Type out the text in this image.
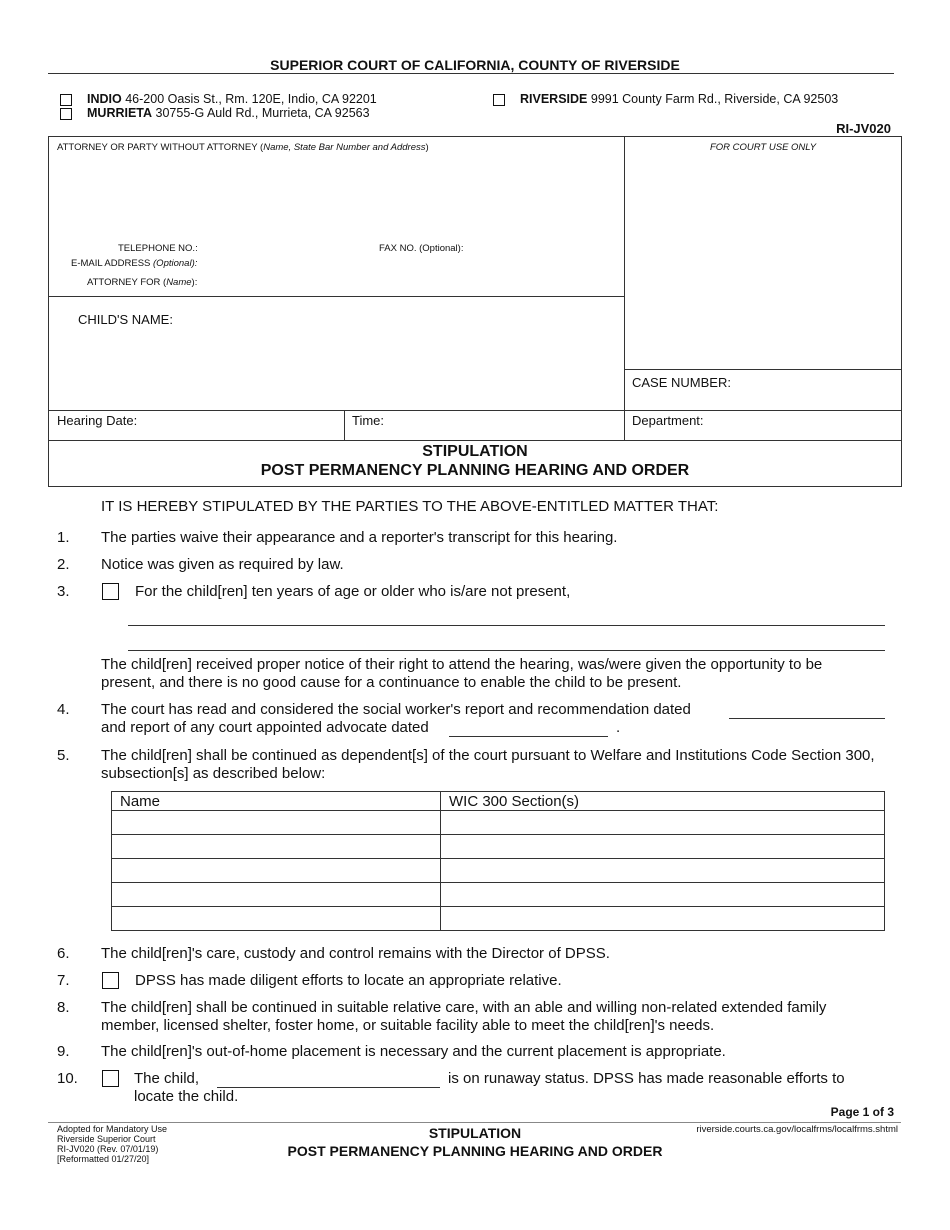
SUPERIOR COURT OF CALIFORNIA, COUNTY OF RIVERSIDE
INDIO 46-200 Oasis St., Rm. 120E, Indio, CA 92201
MURRIETA 30755-G Auld Rd., Murrieta, CA 92563
RIVERSIDE 9991 County Farm Rd., Riverside, CA 92503
RI-JV020
ATTORNEY OR PARTY WITHOUT ATTORNEY (Name, State Bar Number and Address)	FOR COURT USE ONLY
TELEPHONE NO.:	FAX NO. (Optional):
E-MAIL ADDRESS (Optional):
ATTORNEY FOR (Name):
CHILD'S NAME:
CASE NUMBER:
Hearing Date:	Time:	Department:
STIPULATION
POST PERMANENCY PLANNING HEARING AND ORDER
IT IS HEREBY STIPULATED BY THE PARTIES TO THE ABOVE-ENTITLED MATTER THAT:
1. The parties waive their appearance and a reporter's transcript for this hearing.
2. Notice was given as required by law.
3.	For the child[ren] ten years of age or older who is/are not present,
The child[ren] received proper notice of their right to attend the hearing, was/were given the opportunity to be present, and there is no good cause for a continuance to enable the child to be present.
4. The court has read and considered the social worker's report and recommendation dated
and report of any court appointed advocate dated	.
5. The child[ren] shall be continued as dependent[s] of the court pursuant to Welfare and Institutions Code Section 300, subsection[s] as described below:
Name	WIC 300 Section(s)

6. The child[ren]'s care, custody and control remains with the Director of DPSS.
7.	DPSS has made diligent efforts to locate an appropriate relative.
8. The child[ren] shall be continued in suitable relative care, with an able and willing non-related extended family member, licensed shelter, foster home, or suitable facility able to meet the child[ren]'s needs.
9. The child[ren]'s out-of-home placement is necessary and the current placement is appropriate.
10.	The child,	is on runaway status. DPSS has made reasonable efforts to
locate the child.
Page 1 of 3
Adopted for Mandatory Use
Riverside Superior Court
RI-JV020 (Rev. 07/01/19)
[Reformatted 01/27/20]
STIPULATION
POST PERMANENCY PLANNING HEARING AND ORDER
riverside.courts.ca.gov/localfrms/localfrms.shtml
